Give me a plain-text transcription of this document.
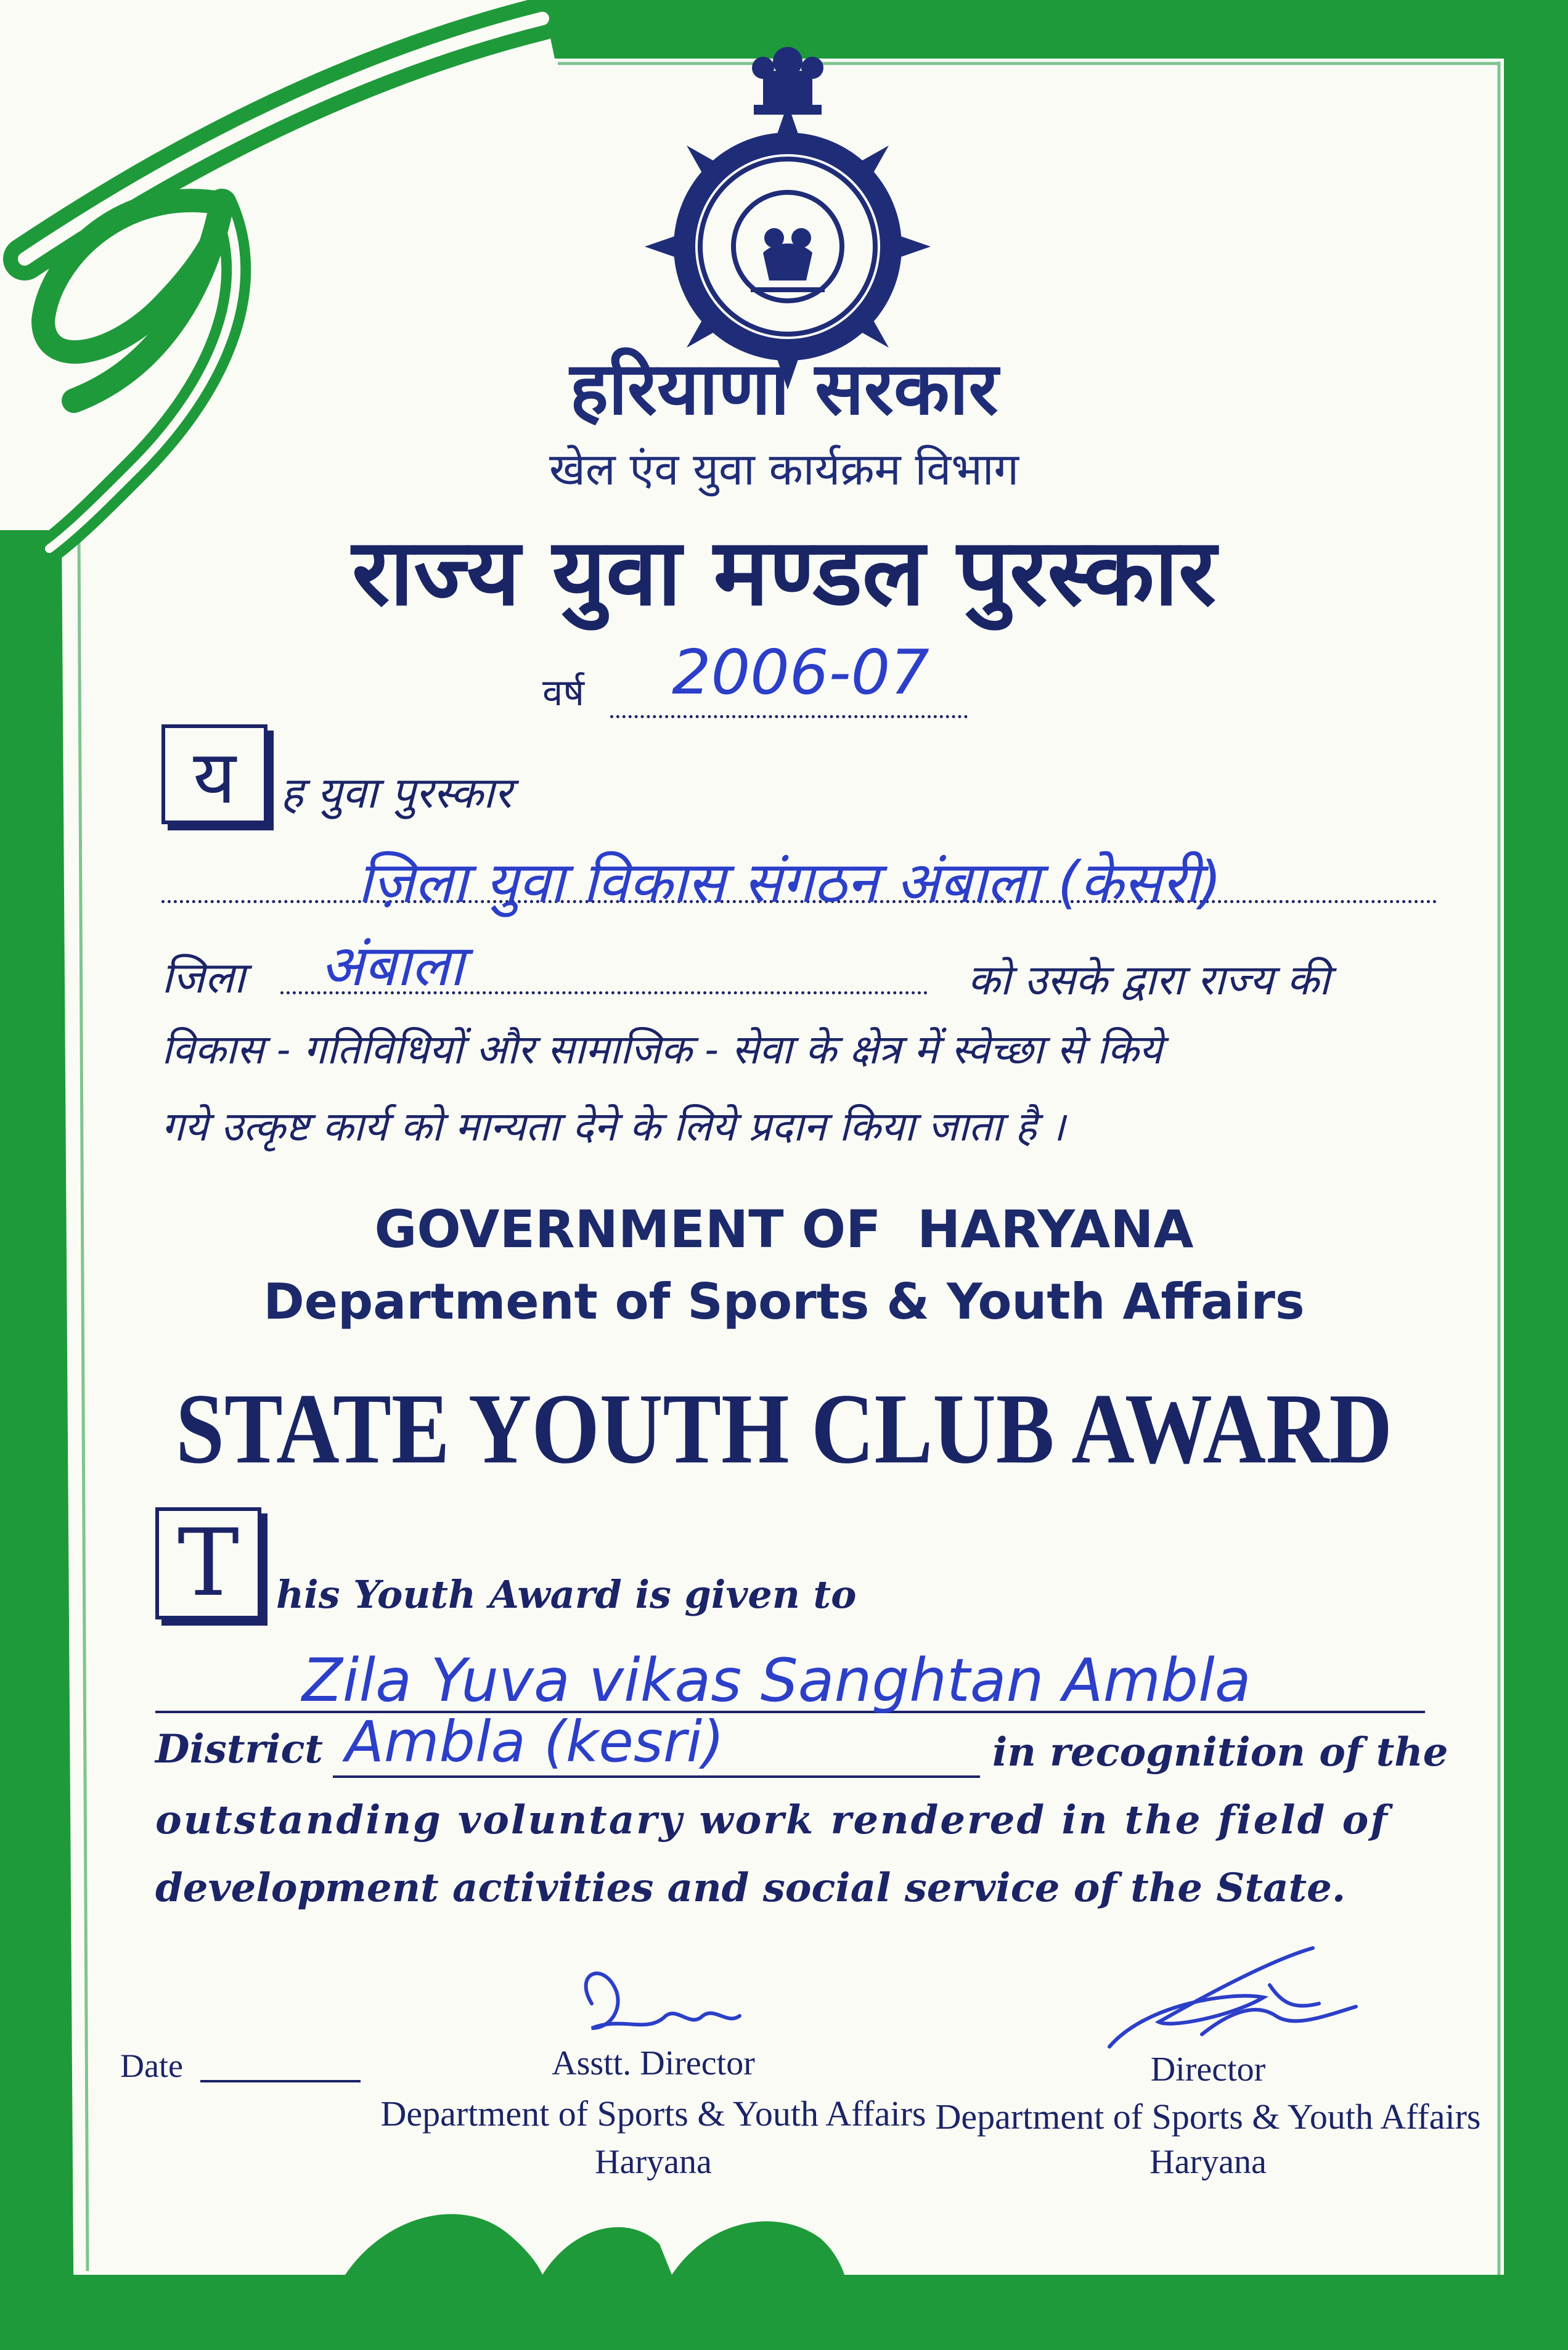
हरियाणा सरकार
खेल एंव युवा कार्यक्रम विभाग
राज्य युवा मण्डल पुरस्कार
वर्ष 2006-07
य	ह युवा पुरस्कार
ज़िला युवा विकास संगठन अंबाला (केसरी)
जिला अंबाला	को उसके द्वारा राज्य की
विकास - गतिविधियों और सामाजिक - सेवा के क्षेत्र में स्वेच्छा से किये
गये उत्कृष्ट कार्य को मान्यता देने के लिये प्रदान किया जाता है ।
GOVERNMENT OF  HARYANA
Department of Sports & Youth Affairs
STATE YOUTH CLUB AWARD
T his Youth Award is given to
Zila Yuva vikas Sanghtan Ambla
District Ambla (kesri)	in recognition of the
outstanding voluntary work rendered in the field of
development activities and social service of the State.
Date	Asstt. Director
Department of Sports & Youth Affairs
Haryana
Director
Department of Sports & Youth Affairs
Haryana
